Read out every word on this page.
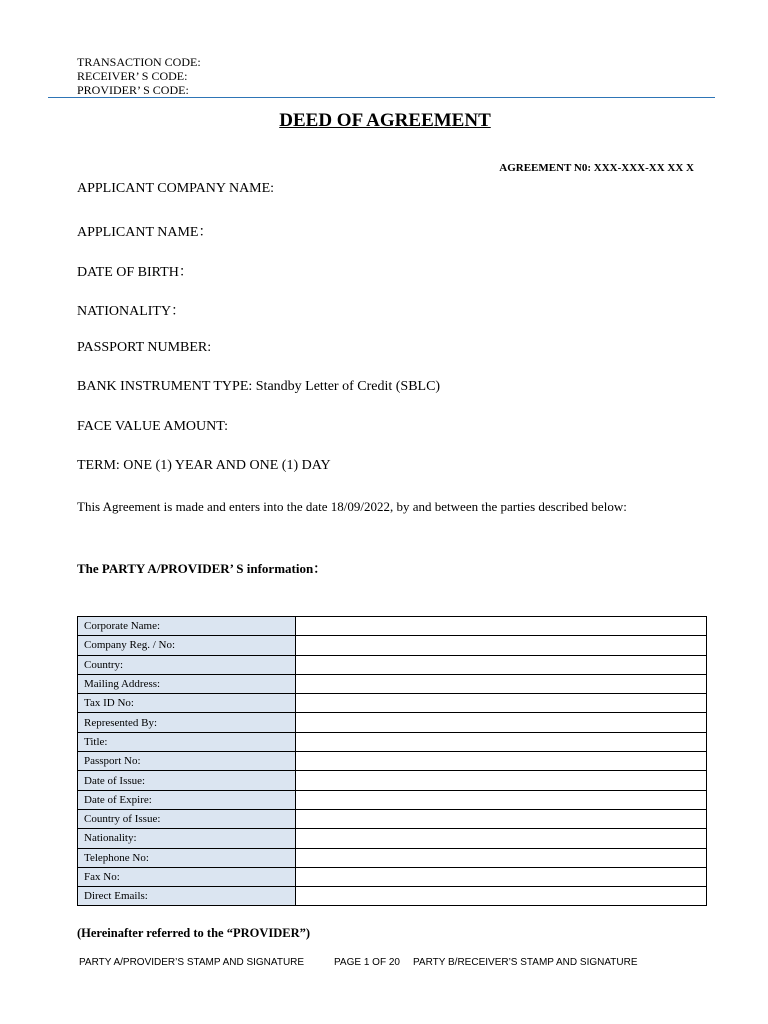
TRANSACTION CODE:
RECEIVER’ S CODE:
PROVIDER’ S CODE:
DEED OF AGREEMENT
AGREEMENT N0: XXX-XXX-XX XX X
APPLICANT COMPANY NAME:
APPLICANT NAME：
DATE OF BIRTH：
NATIONALITY：
PASSPORT NUMBER:
BANK INSTRUMENT TYPE: Standby Letter of Credit (SBLC)
FACE VALUE AMOUNT:
TERM: ONE (1) YEAR AND ONE (1) DAY
This Agreement is made and enters into the date 18/09/2022, by and between the parties described below:
The PARTY A/PROVIDER’ S information：
Corporate Name:	
Company Reg. / No:	
Country:	
Mailing Address:	
Tax ID No:	
Represented By:	
Title:	
Passport No:	
Date of Issue:	
Date of Expire:	
Country of Issue:	
Nationality:	
Telephone No:	
Fax No:	
Direct Emails:	
(Hereinafter referred to the “PROVIDER”)
PARTY A/PROVIDER’S STAMP AND SIGNATURE	PAGE 1 OF 20 PARTY B/RECEIVER’S STAMP AND SIGNATURE
